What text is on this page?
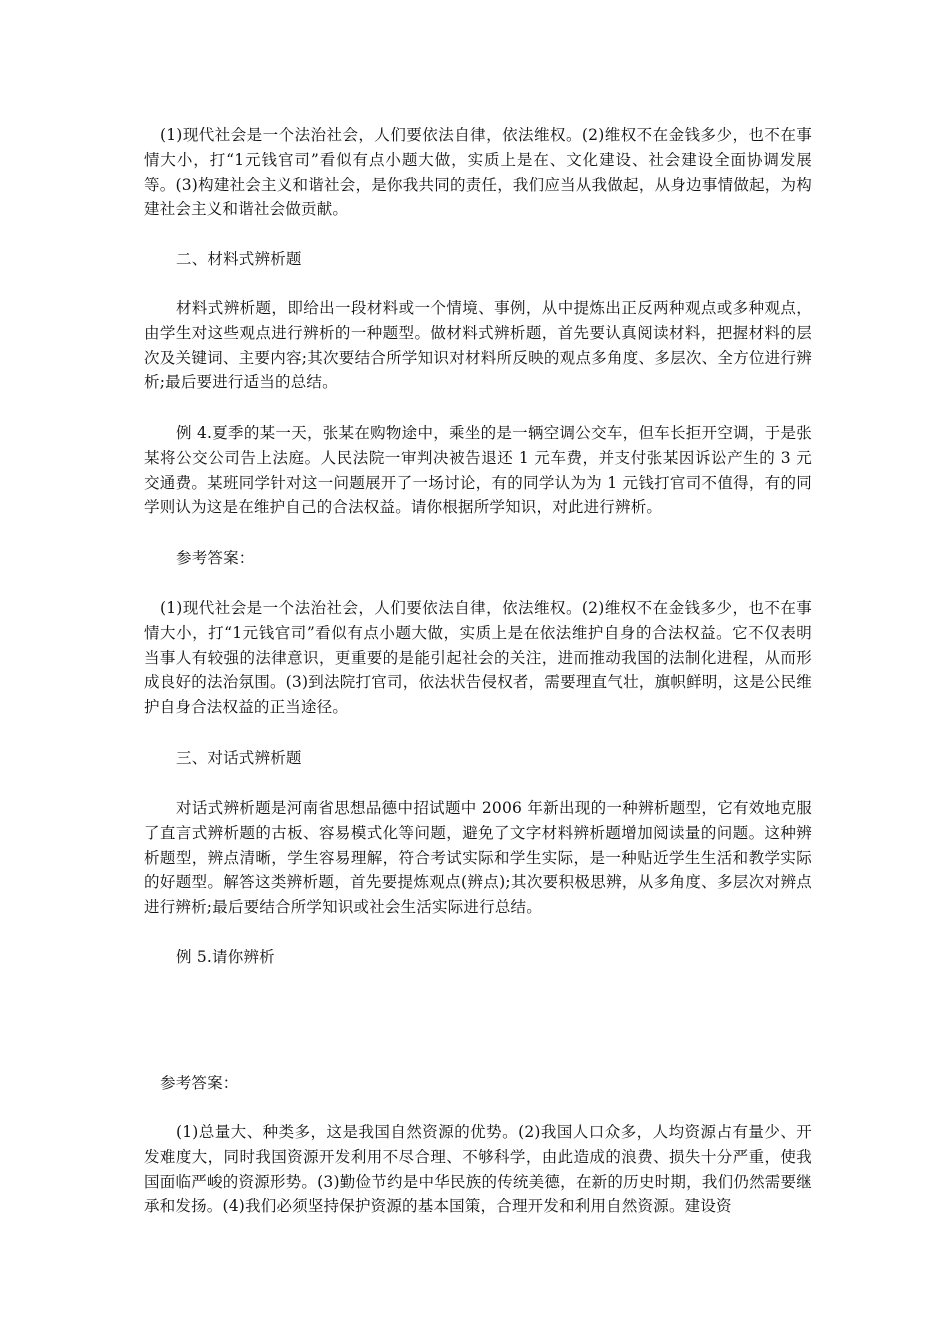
(1)现代社会是一个法治社会，人们要依法自律，依法维权。(2)维权不在金钱多少，也不在事情大小，打“1元钱官司”看似有点小题大做，实质上是在、文化建设、社会建设全面协调发展等。(3)构建社会主义和谐社会，是你我共同的责任，我们应当从我做起，从身边事情做起，为构建社会主义和谐社会做贡献。

二、材料式辨析题

材料式辨析题，即给出一段材料或一个情境、事例，从中提炼出正反两种观点或多种观点，由学生对这些观点进行辨析的一种题型。做材料式辨析题，首先要认真阅读材料，把握材料的层次及关键词、主要内容;其次要结合所学知识对材料所反映的观点多角度、多层次、全方位进行辨析;最后要进行适当的总结。

例 4.夏季的某一天，张某在购物途中，乘坐的是一辆空调公交车，但车长拒开空调，于是张某将公交公司告上法庭。人民法院一审判决被告退还 1 元车费，并支付张某因诉讼产生的 3 元交通费。某班同学针对这一问题展开了一场讨论，有的同学认为为 1 元钱打官司不值得，有的同学则认为这是在维护自己的合法权益。请你根据所学知识，对此进行辨析。

参考答案：

(1)现代社会是一个法治社会，人们要依法自律，依法维权。(2)维权不在金钱多少，也不在事情大小，打“1元钱官司”看似有点小题大做，实质上是在依法维护自身的合法权益。它不仅表明当事人有较强的法律意识，更重要的是能引起社会的关注，进而推动我国的法制化进程，从而形成良好的法治氛围。(3)到法院打官司，依法状告侵权者，需要理直气壮，旗帜鲜明，这是公民维护自身合法权益的正当途径。

三、对话式辨析题

对话式辨析题是河南省思想品德中招试题中 2006 年新出现的一种辨析题型，它有效地克服了直言式辨析题的古板、容易模式化等问题，避免了文字材料辨析题增加阅读量的问题。这种辨析题型，辨点清晰，学生容易理解，符合考试实际和学生实际，是一种贴近学生生活和教学实际的好题型。解答这类辨析题，首先要提炼观点(辨点);其次要积极思辨，从多角度、多层次对辨点进行辨析;最后要结合所学知识或社会生活实际进行总结。

例 5.请你辨析

参考答案：

(1)总量大、种类多，这是我国自然资源的优势。(2)我国人口众多，人均资源占有量少、开发难度大，同时我国资源开发利用不尽合理、不够科学，由此造成的浪费、损失十分严重，使我国面临严峻的资源形势。(3)勤俭节约是中华民族的传统美德，在新的历史时期，我们仍然需要继承和发扬。(4)我们必须坚持保护资源的基本国策，合理开发和利用自然资源。建设资
